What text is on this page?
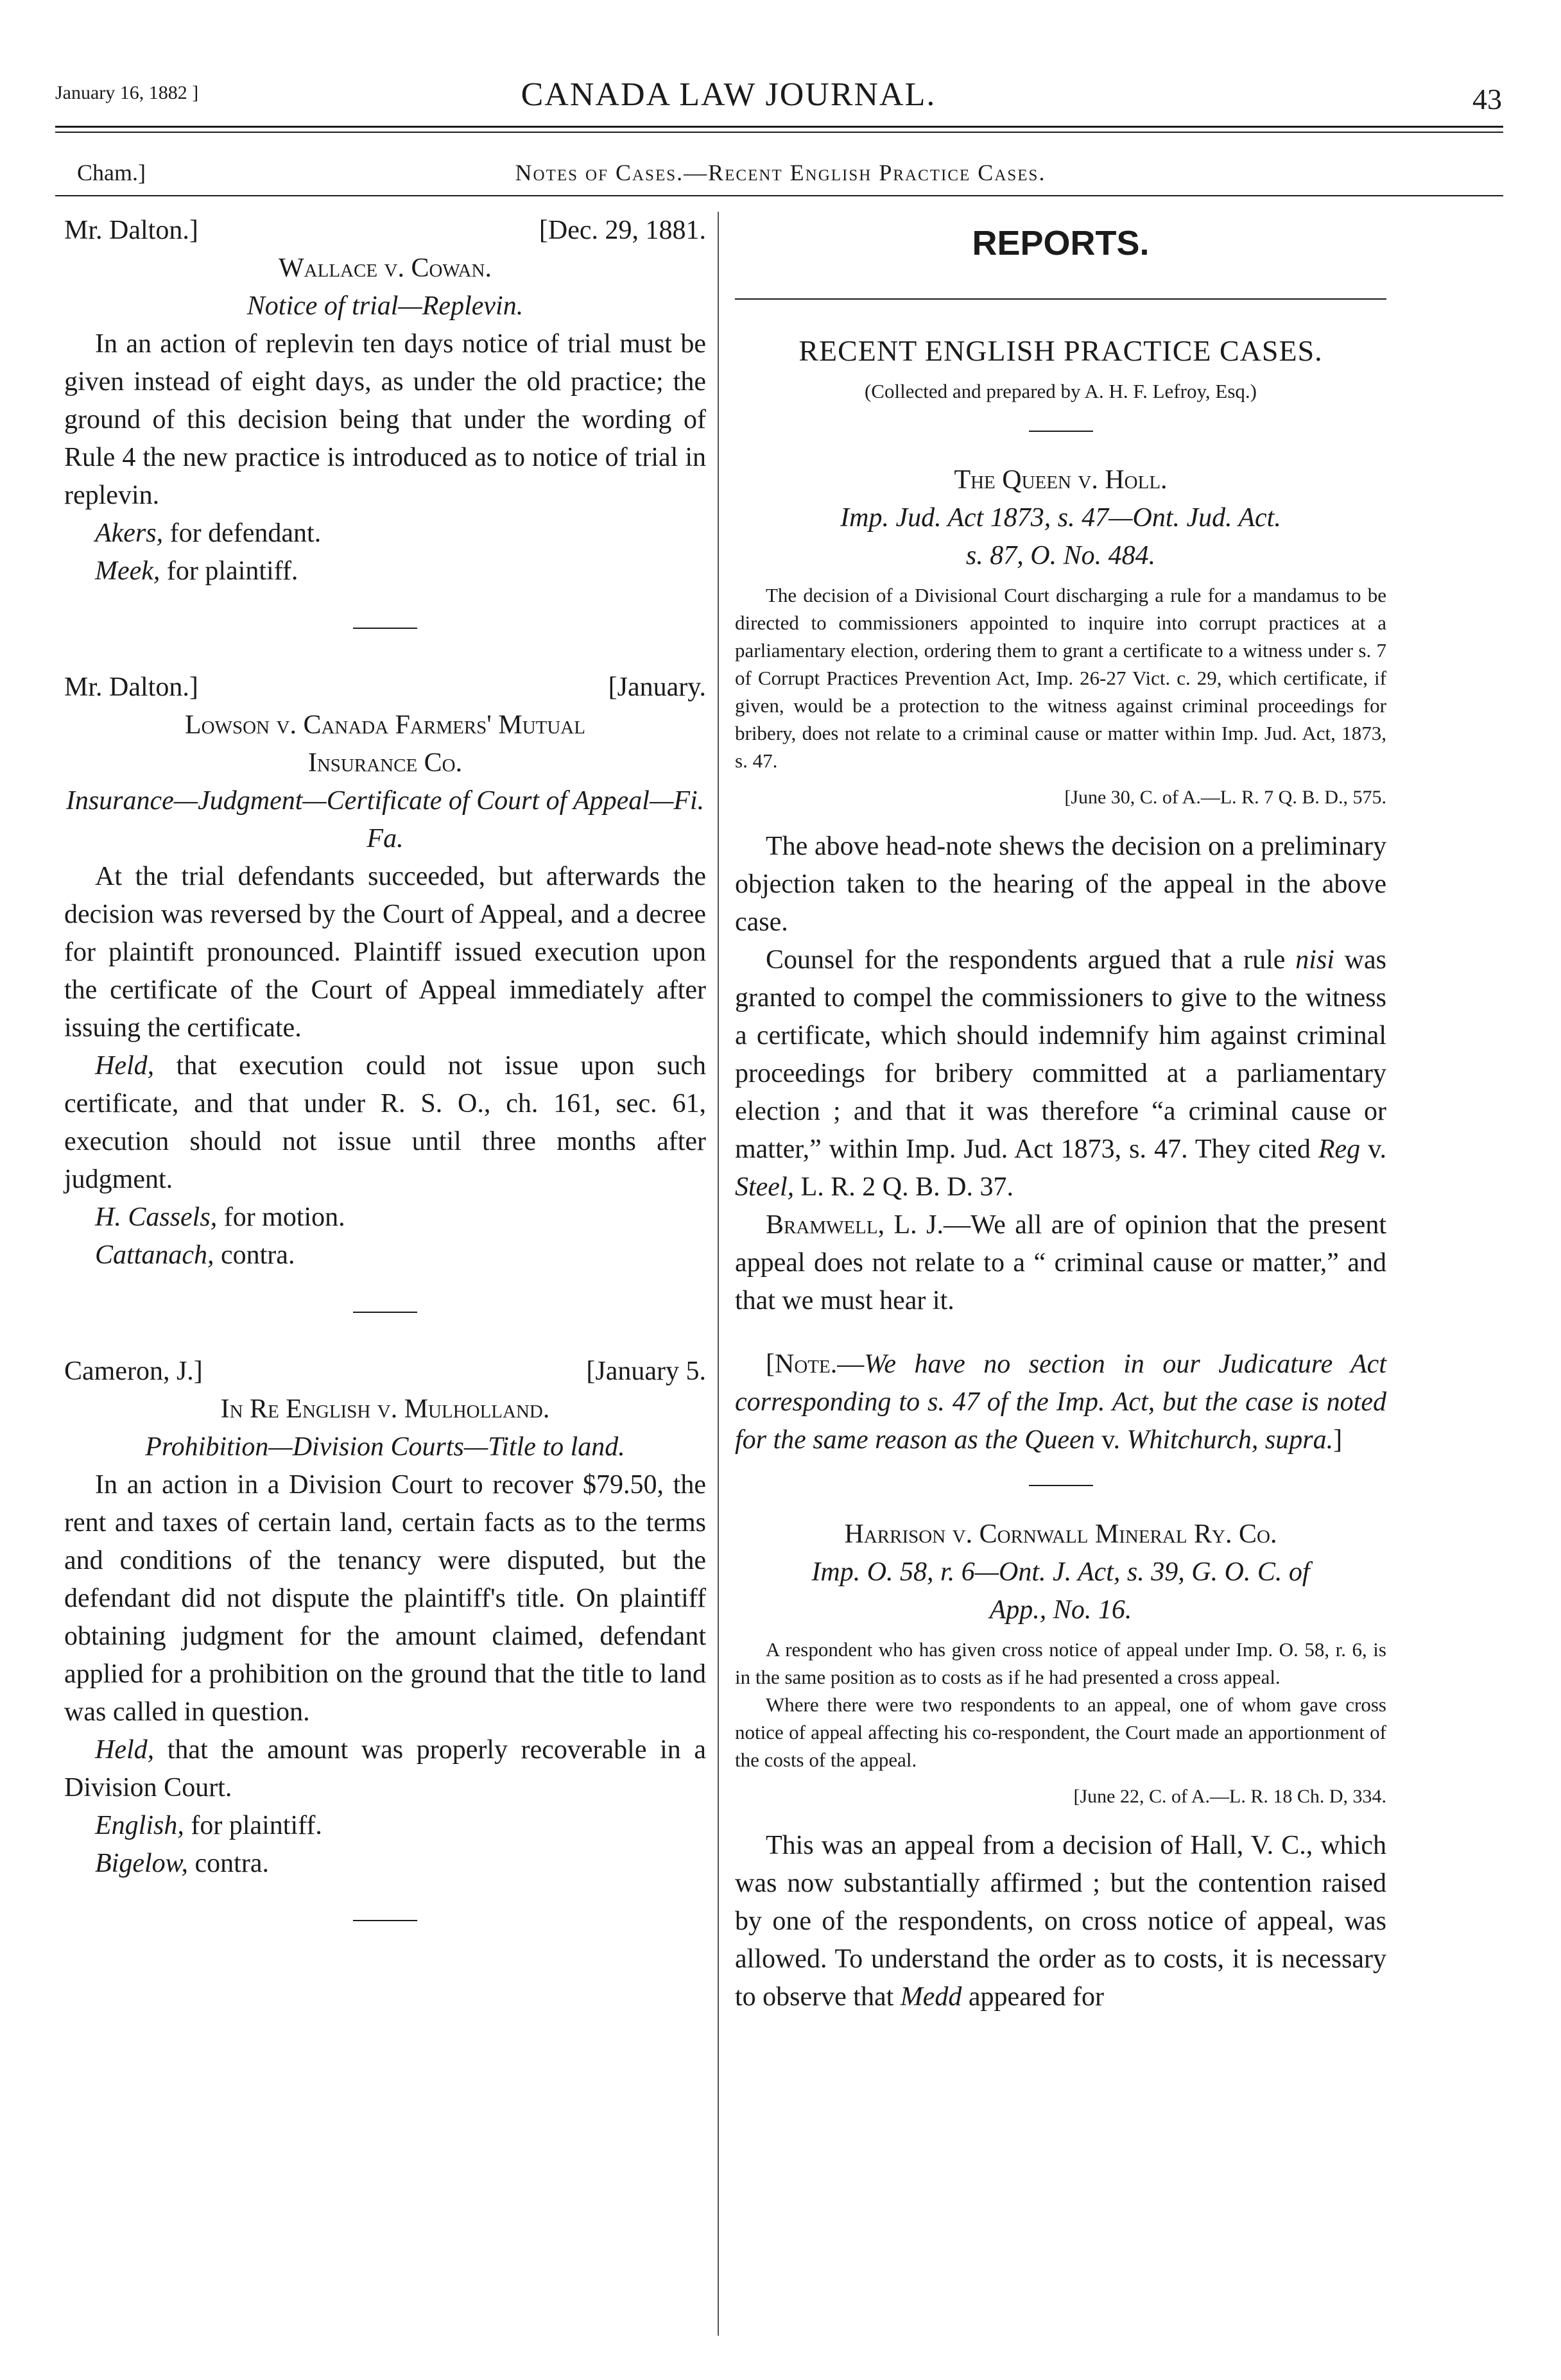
January 16, 1882 ]	CANADA LAW JOURNAL.	43
Cham.]	Notes of Cases.—Recent English Practice Cases.

Mr. Dalton.]	[Dec. 29, 1881.

Wallace v. Cowan.

Notice of trial—Replevin.

In an action of replevin ten days notice of trial must be given instead of eight days, as under the old practice; the ground of this decision being that under the wording of Rule 4 the new practice is introduced as to notice of trial in replevin.

Akers, for defendant.

Meek, for plaintiff.

Mr. Dalton.]	[January.

Lowson v. Canada Farmers' Mutual

Insurance Co.

Insurance—Judgment—Certificate of Court of Appeal—Fi. Fa.

At the trial defendants succeeded, but afterwards the decision was reversed by the Court of Appeal, and a decree for plaintift pronounced. Plaintiff issued execution upon the certificate of the Court of Appeal immediately after issuing the certificate.

Held, that execution could not issue upon such certificate, and that under R. S. O., ch. 161, sec. 61, execution should not issue until three months after judgment.

H. Cassels, for motion.

Cattanach, contra.

Cameron, J.]	[January 5.

In Re English v. Mulholland.

Prohibition—Division Courts—Title to land.

In an action in a Division Court to recover $79.50, the rent and taxes of certain land, certain facts as to the terms and conditions of the tenancy were disputed, but the defendant did not dispute the plaintiff's title. On plaintiff obtaining judgment for the amount claimed, defendant applied for a prohibition on the ground that the title to land was called in question.

Held, that the amount was properly recoverable in a Division Court.

English, for plaintiff.

Bigelow, contra.

REPORTS.

RECENT ENGLISH PRACTICE CASES.

(Collected and prepared by A. H. F. Lefroy, Esq.)

The Queen v. Holl.

Imp. Jud. Act 1873, s. 47—Ont. Jud. Act.

s. 87, O. No. 484.

The decision of a Divisional Court discharging a rule for a mandamus to be directed to commissioners appointed to inquire into corrupt practices at a parliamentary election, ordering them to grant a certificate to a witness under s. 7 of Corrupt Practices Prevention Act, Imp. 26-27 Vict. c. 29, which certificate, if given, would be a protection to the witness against criminal proceedings for bribery, does not relate to a criminal cause or matter within Imp. Jud. Act, 1873, s. 47.

[June 30, C. of A.—L. R. 7 Q. B. D., 575.

The above head-note shews the decision on a preliminary objection taken to the hearing of the appeal in the above case.

Counsel for the respondents argued that a rule nisi was granted to compel the commissioners to give to the witness a certificate, which should indemnify him against criminal proceedings for bribery committed at a parliamentary election ; and that it was therefore “a criminal cause or matter,” within Imp. Jud. Act 1873, s. 47. They cited Reg v. Steel, L. R. 2 Q. B. D. 37.

Bramwell, L. J.—We all are of opinion that the present appeal does not relate to a “ criminal cause or matter,” and that we must hear it.

[Note.—We have no section in our Judicature Act corresponding to s. 47 of the Imp. Act, but the case is noted for the same reason as the Queen v. Whitchurch, supra.]

Harrison v. Cornwall Mineral Ry. Co.

Imp. O. 58, r. 6—Ont. J. Act, s. 39, G. O. C. of

App., No. 16.

A respondent who has given cross notice of appeal under Imp. O. 58, r. 6, is in the same position as to costs as if he had presented a cross appeal.

Where there were two respondents to an appeal, one of whom gave cross notice of appeal affecting his co-respondent, the Court made an apportionment of the costs of the appeal.

[June 22, C. of A.—L. R. 18 Ch. D, 334.

This was an appeal from a decision of Hall, V. C., which was now substantially affirmed ; but the contention raised by one of the respondents, on cross notice of appeal, was allowed. To understand the order as to costs, it is necessary to observe that Medd appeared for
